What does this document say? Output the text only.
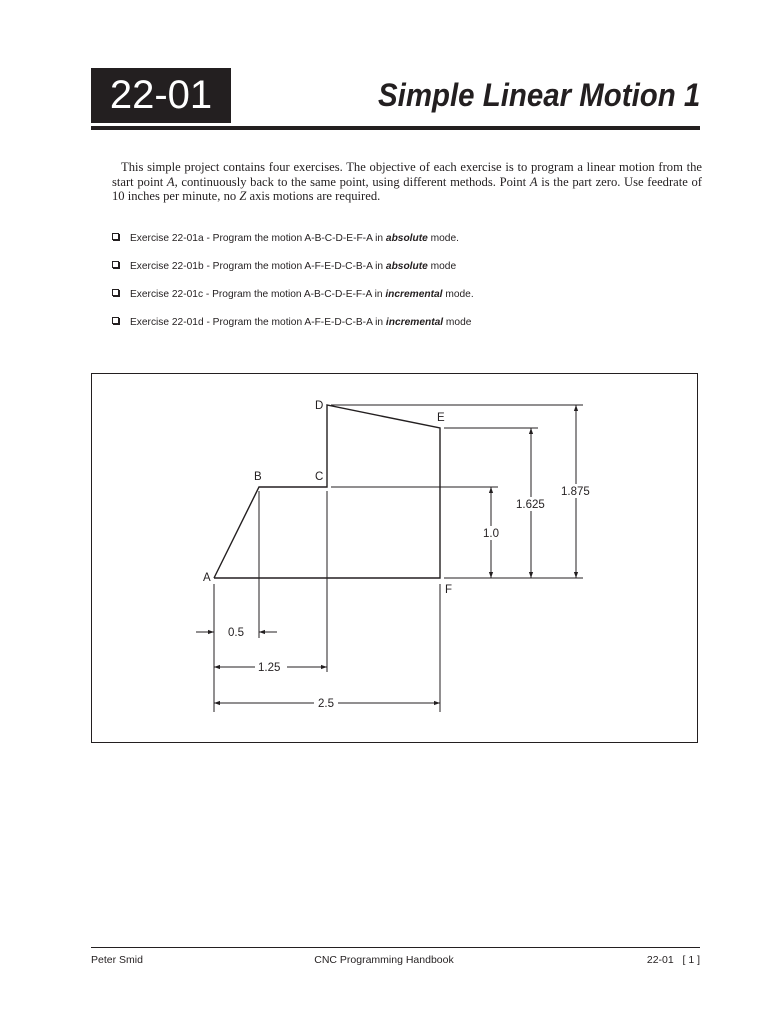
22-01	Simple Linear Motion 1
This simple project contains four exercises. The objective of each exercise is to program a linear motion from the start point A, continuously back to the same point, using different methods. Point A is the part zero. Use feedrate of 10 inches per minute, no Z axis motions are required.
Exercise 22-01a - Program the motion A-B-C-D-E-F-A in absolute mode.
Exercise 22-01b - Program the motion A-F-E-D-C-B-A in absolute mode
Exercise 22-01c - Program the motion A-B-C-D-E-F-A in incremental mode.
Exercise 22-01d - Program the motion A-F-E-D-C-B-A in incremental mode
A
B	C
D
E
F
0.5
1.25
2.5
1.0
1.625
1.875
Peter Smid	CNC Programming Handbook	22-01   [ 1 ]
